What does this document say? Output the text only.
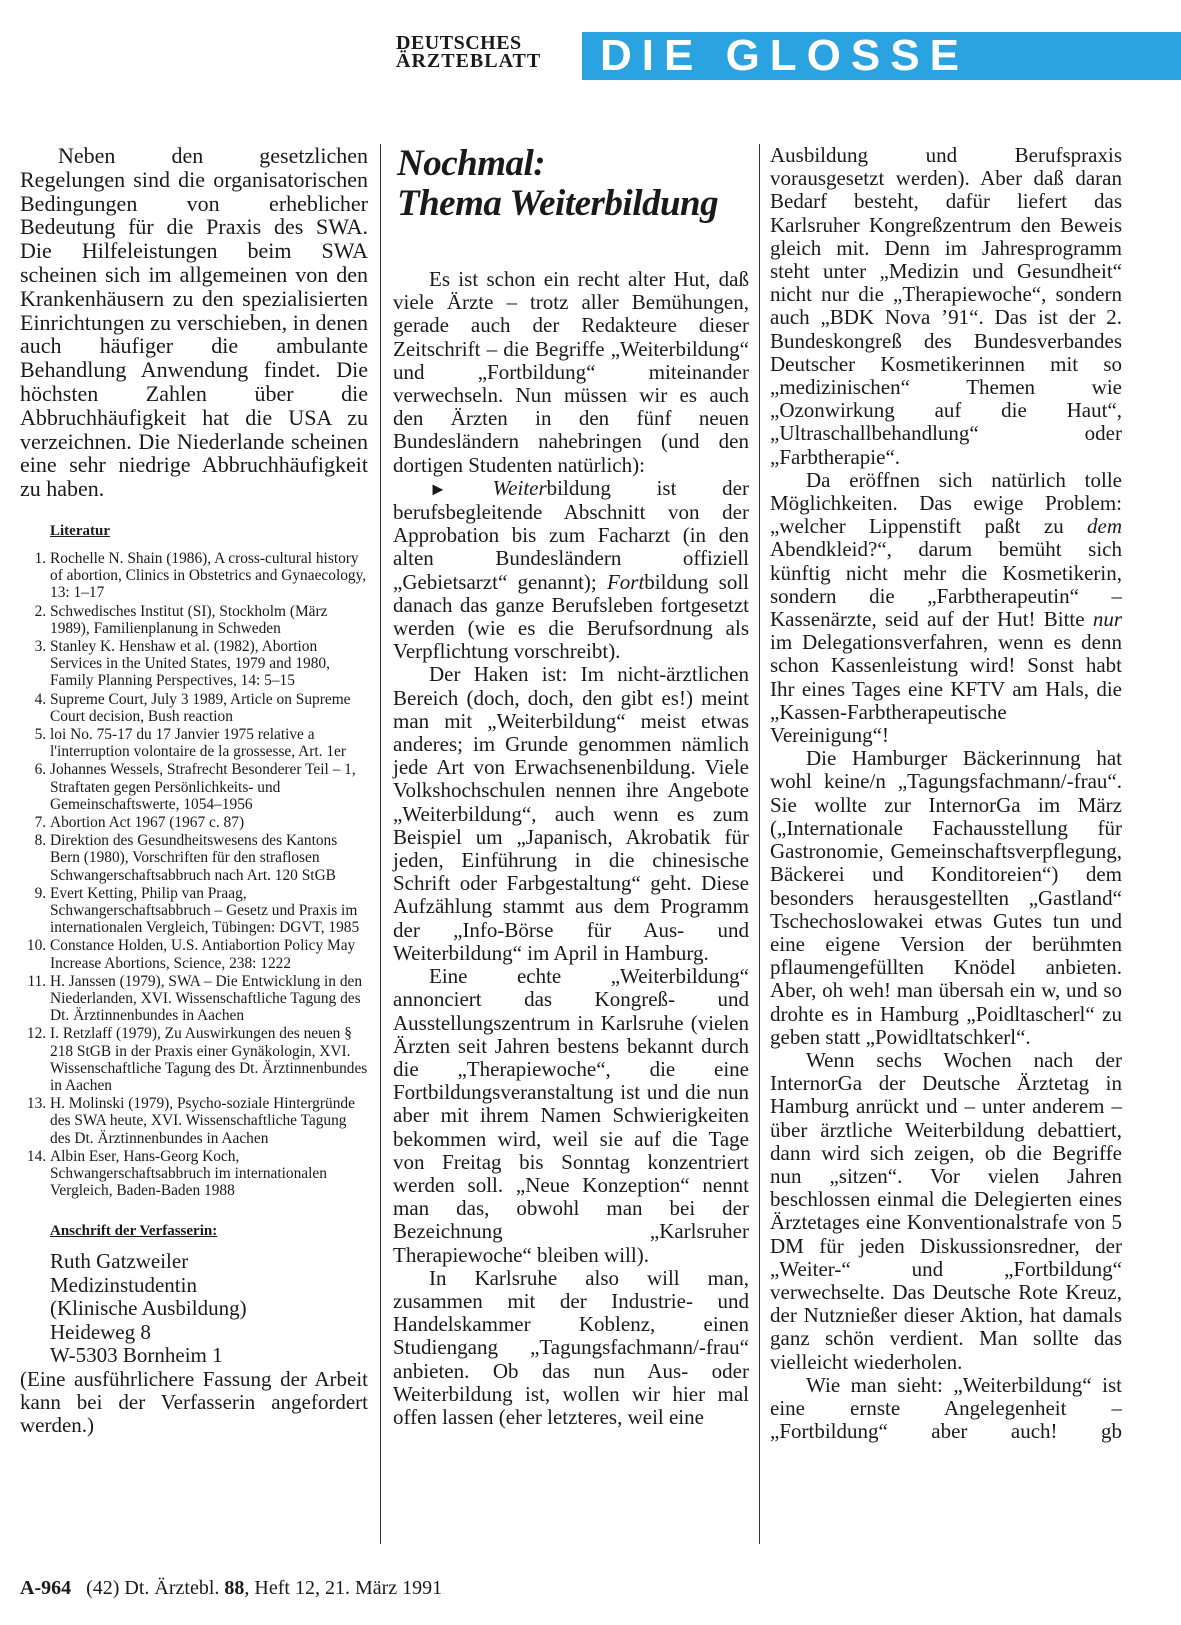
DEUTSCHES
ÄRZTEBLATT	DIE GLOSSE

Neben den gesetzlichen Regelungen sind die organisatorischen Bedingungen von erheblicher Bedeutung für die Praxis des SWA. Die Hilfeleistungen beim SWA scheinen sich im allgemeinen von den Krankenhäusern zu den spezialisierten Einrichtungen zu verschieben, in denen auch häufiger die ambulante Behandlung Anwendung findet. Die höchsten Zahlen über die Abbruchhäufigkeit hat die USA zu verzeichnen. Die Niederlande scheinen eine sehr niedrige Abbruchhäufigkeit zu haben.

Literatur
1. Rochelle N. Shain (1986), A cross-cultural history of abortion, Clinics in Obstetrics and Gynaecology, 13: 1–17
2. Schwedisches Institut (SI), Stockholm (März 1989), Familienplanung in Schweden
3. Stanley K. Henshaw et al. (1982), Abortion Services in the United States, 1979 and 1980, Family Planning Perspectives, 14: 5–15
4. Supreme Court, July 3 1989, Article on Supreme Court decision, Bush reaction
5. loi No. 75-17 du 17 Janvier 1975 relative a l'interruption volontaire de la grossesse, Art. 1er
6. Johannes Wessels, Strafrecht Besonderer Teil – 1, Straftaten gegen Persönlichkeits- und Gemeinschaftswerte, 1054–1956
7. Abortion Act 1967 (1967 c. 87)
8. Direktion des Gesundheitswesens des Kantons Bern (1980), Vorschriften für den straflosen Schwangerschaftsabbruch nach Art. 120 StGB
9. Evert Ketting, Philip van Praag, Schwangerschaftsabbruch – Gesetz und Praxis im internationalen Vergleich, Tübingen: DGVT, 1985
10. Constance Holden, U.S. Antiabortion Policy May Increase Abortions, Science, 238: 1222
11. H. Janssen (1979), SWA – Die Entwicklung in den Niederlanden, XVI. Wissenschaftliche Tagung des Dt. Ärztinnenbundes in Aachen
12. I. Retzlaff (1979), Zu Auswirkungen des neuen § 218 StGB in der Praxis einer Gynäkologin, XVI. Wissenschaftliche Tagung des Dt. Ärztinnenbundes in Aachen
13. H. Molinski (1979), Psycho-soziale Hintergründe des SWA heute, XVI. Wissenschaftliche Tagung des Dt. Ärztinnenbundes in Aachen
14. Albin Eser, Hans-Georg Koch, Schwangerschaftsabbruch im internationalen Vergleich, Baden-Baden 1988
Anschrift der Verfasserin:
Ruth Gatzweiler
Medizinstudentin
(Klinische Ausbildung)
Heideweg 8
W-5303 Bornheim 1

(Eine ausführlichere Fassung der Arbeit kann bei der Verfasserin angefordert werden.)

Nochmal:
Thema Weiterbildung

Es ist schon ein recht alter Hut, daß viele Ärzte – trotz aller Bemühungen, gerade auch der Redakteure dieser Zeitschrift – die Begriffe „Weiterbildung“ und „Fortbildung“ miteinander verwechseln. Nun müssen wir es auch den Ärzten in den fünf neuen Bundesländern nahebringen (und den dortigen Studenten natürlich):

► Weiterbildung ist der berufsbegleitende Abschnitt von der Approbation bis zum Facharzt (in den alten Bundesländern offiziell „Gebietsarzt“ genannt); Fortbildung soll danach das ganze Berufsleben fortgesetzt werden (wie es die Berufsordnung als Verpflichtung vorschreibt).

Der Haken ist: Im nicht-ärztlichen Bereich (doch, doch, den gibt es!) meint man mit „Weiterbildung“ meist etwas anderes; im Grunde genommen nämlich jede Art von Erwachsenenbildung. Viele Volkshochschulen nennen ihre Angebote „Weiterbildung“, auch wenn es zum Beispiel um „Japanisch, Akrobatik für jeden, Einführung in die chinesische Schrift oder Farbgestaltung“ geht. Diese Aufzählung stammt aus dem Programm der „Info-Börse für Aus- und Weiterbildung“ im April in Hamburg.

Eine echte „Weiterbildung“ annonciert das Kongreß- und Ausstellungszentrum in Karlsruhe (vielen Ärzten seit Jahren bestens bekannt durch die „Therapiewoche“, die eine Fortbildungsveranstaltung ist und die nun aber mit ihrem Namen Schwierigkeiten bekommen wird, weil sie auf die Tage von Freitag bis Sonntag konzentriert werden soll. „Neue Konzeption“ nennt man das, obwohl man bei der Bezeichnung „Karlsruher Therapiewoche“ bleiben will).

In Karlsruhe also will man, zusammen mit der Industrie- und Handelskammer Koblenz, einen Studiengang „Tagungsfachmann/-frau“ anbieten. Ob das nun Aus- oder Weiterbildung ist, wollen wir hier mal offen lassen (eher letzteres, weil eine

Ausbildung und Berufspraxis vorausgesetzt werden). Aber daß daran Bedarf besteht, dafür liefert das Karlsruher Kongreßzentrum den Beweis gleich mit. Denn im Jahresprogramm steht unter „Medizin und Gesundheit“ nicht nur die „Therapiewoche“, sondern auch „BDK Nova ’91“. Das ist der 2. Bundeskongreß des Bundesverbandes Deutscher Kosmetikerinnen mit so „medizinischen“ Themen wie „Ozonwirkung auf die Haut“, „Ultraschallbehandlung“ oder „Farbtherapie“.

Da eröffnen sich natürlich tolle Möglichkeiten. Das ewige Problem: „welcher Lippenstift paßt zu dem Abendkleid?“, darum bemüht sich künftig nicht mehr die Kosmetikerin, sondern die „Farbtherapeutin“ – Kassenärzte, seid auf der Hut! Bitte nur im Delegationsverfahren, wenn es denn schon Kassenleistung wird! Sonst habt Ihr eines Tages eine KFTV am Hals, die „Kassen-Farbtherapeutische Vereinigung“!

Die Hamburger Bäckerinnung hat wohl keine/n „Tagungsfachmann/-frau“. Sie wollte zur InternorGa im März („Internationale Fachausstellung für Gastronomie, Gemeinschaftsverpflegung, Bäckerei und Konditoreien“) dem besonders herausgestellten „Gastland“ Tschechoslowakei etwas Gutes tun und eine eigene Version der berühmten pflaumengefüllten Knödel anbieten. Aber, oh weh! man übersah ein w, und so drohte es in Hamburg „Poidltascherl“ zu geben statt „Powidltatschkerl“.

Wenn sechs Wochen nach der InternorGa der Deutsche Ärztetag in Hamburg anrückt und – unter anderem – über ärztliche Weiterbildung debattiert, dann wird sich zeigen, ob die Begriffe nun „sitzen“. Vor vielen Jahren beschlossen einmal die Delegierten eines Ärztetages eine Konventionalstrafe von 5 DM für jeden Diskussionsredner, der „Weiter-“ und „Fortbildung“ verwechselte. Das Deutsche Rote Kreuz, der Nutznießer dieser Aktion, hat damals ganz schön verdient. Man sollte das vielleicht wiederholen.

Wie man sieht: „Weiterbildung“ ist eine ernste Angelegenheit – „Fortbildung“ aber auch! gb

A-964 (42) Dt. Ärztebl. 88, Heft 12, 21. März 1991
